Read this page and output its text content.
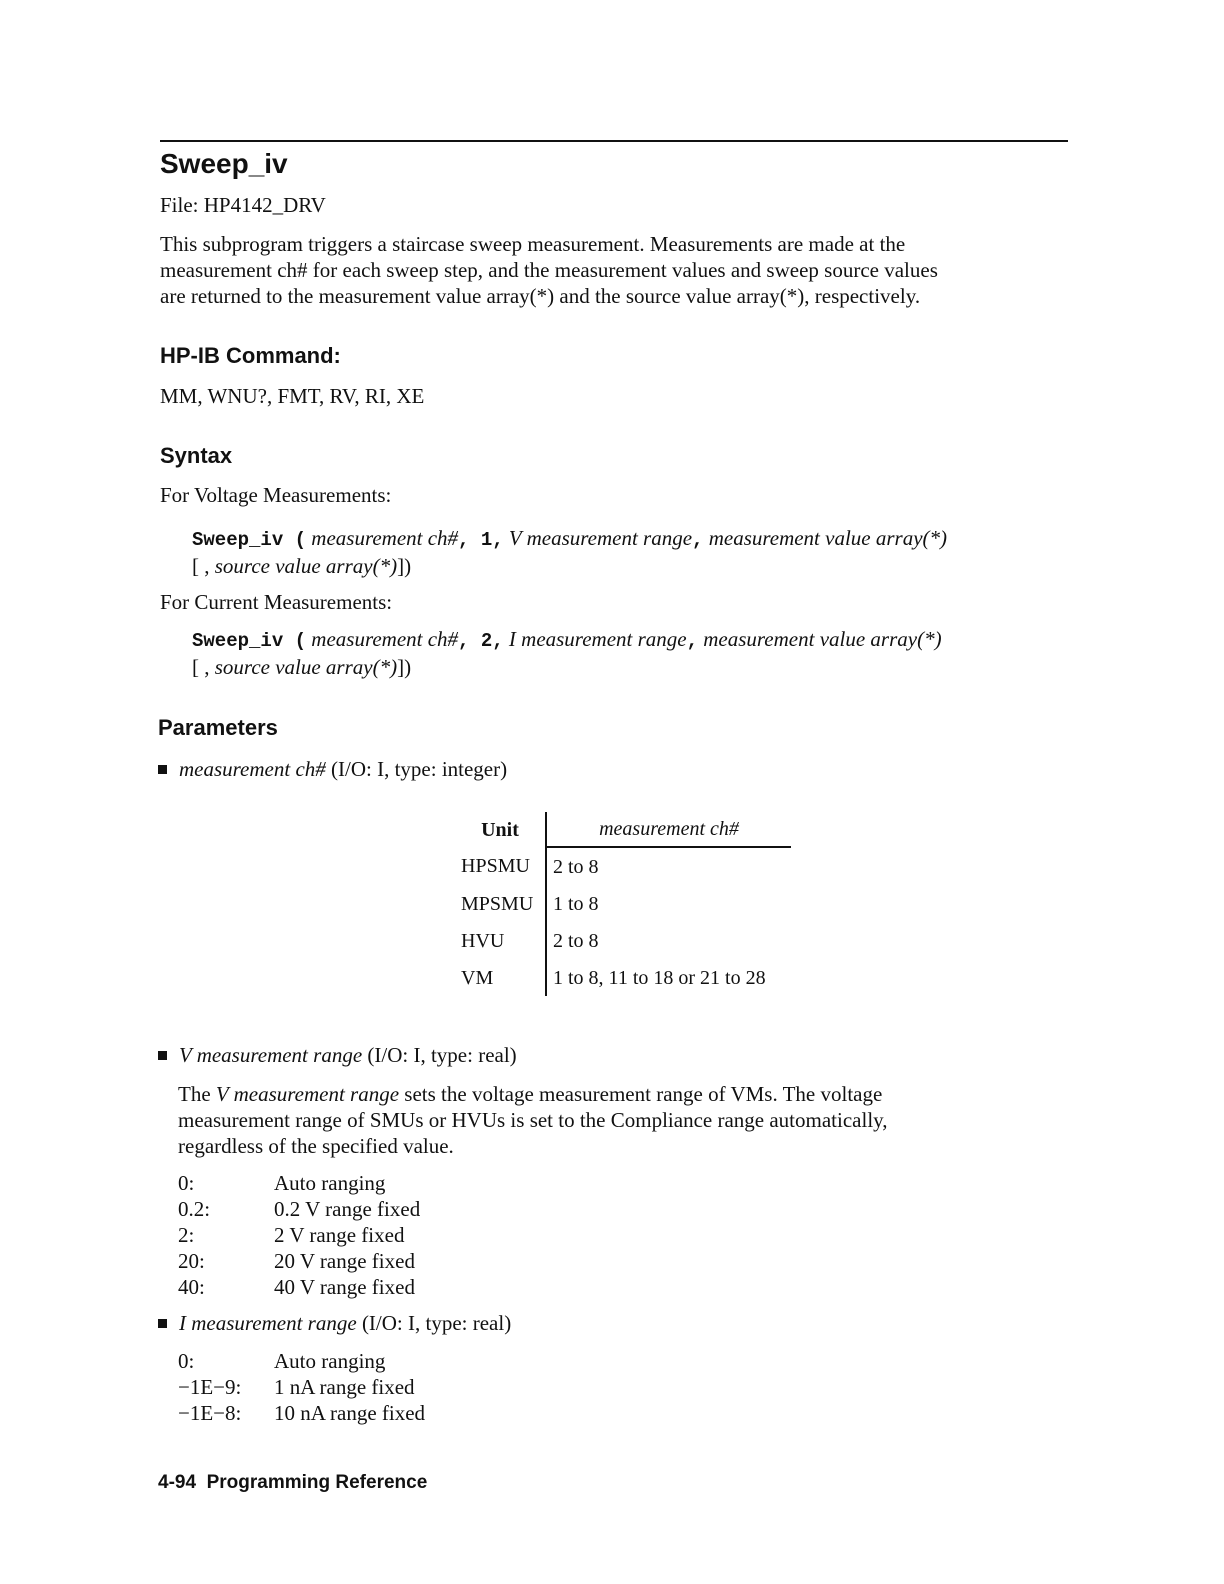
Sweep_iv
File: HP4142_DRV
This subprogram triggers a staircase sweep measurement. Measurements are made at the
measurement ch# for each sweep step, and the measurement values and sweep source values
are returned to the measurement value array(*) and the source value array(*), respectively.
HP-IB Command:
MM, WNU?, FMT, RV, RI, XE
Syntax
For Voltage Measurements:
Sweep_iv ( measurement ch#, 1, V measurement range, measurement value array(*)
[ , source value array(*)])
For Current Measurements:
Sweep_iv ( measurement ch#, 2, I measurement range, measurement value array(*)
[ , source value array(*)])
Parameters
measurement ch# (I/O: I, type: integer)
Unit	measurement ch#
HPSMU	2 to 8
MPSMU	1 to 8
HVU	2 to 8
VM	1 to 8, 11 to 18 or 21 to 28
V measurement range (I/O: I, type: real)
The V measurement range sets the voltage measurement range of VMs. The voltage
measurement range of SMUs or HVUs is set to the Compliance range automatically,
regardless of the specified value.
0:	Auto ranging
0.2:	0.2 V range fixed
2:	2 V range fixed
20:	20 V range fixed
40:	40 V range fixed
I measurement range (I/O: I, type: real)
0:	Auto ranging
−1E−9:	1 nA range fixed
−1E−8:	10 nA range fixed
4-94  Programming Reference
